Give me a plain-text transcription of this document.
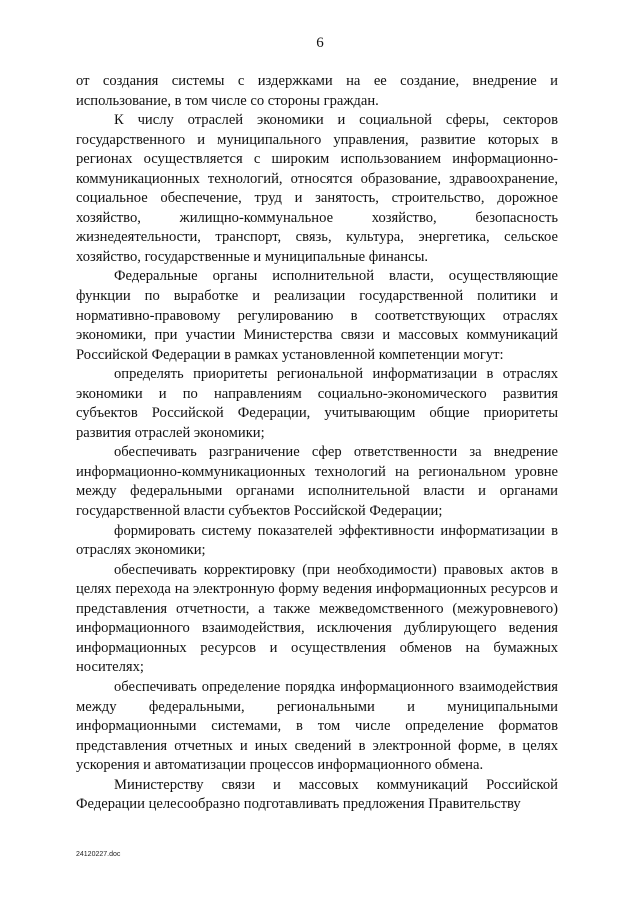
6

от создания системы с издержками на ее создание, внедрение и использование, в том числе со стороны граждан.

К числу отраслей экономики и социальной сферы, секторов государственного и муниципального управления, развитие которых в регионах осуществляется с широким использованием информационно-коммуникационных технологий, относятся образование, здравоохранение, социальное обеспечение, труд и занятость, строительство, дорожное хозяйство, жилищно-коммунальное хозяйство, безопасность жизнедеятельности, транспорт, связь, культура, энергетика, сельское хозяйство, государственные и муниципальные финансы.

Федеральные органы исполнительной власти, осуществляющие функции по выработке и реализации государственной политики и нормативно-правовому регулированию в соответствующих отраслях экономики, при участии Министерства связи и массовых коммуникаций Российской Федерации в рамках установленной компетенции могут:

определять приоритеты региональной информатизации в отраслях экономики и по направлениям социально-экономического развития субъектов Российской Федерации, учитывающим общие приоритеты развития отраслей экономики;

обеспечивать разграничение сфер ответственности за внедрение информационно-коммуникационных технологий на региональном уровне между федеральными органами исполнительной власти и органами государственной власти субъектов Российской Федерации;

формировать систему показателей эффективности информатизации в отраслях экономики;

обеспечивать корректировку (при необходимости) правовых актов в целях перехода на электронную форму ведения информационных ресурсов и представления отчетности, а также межведомственного (межуровневого) информационного взаимодействия, исключения дублирующего ведения информационных ресурсов и осуществления обменов на бумажных носителях;

обеспечивать определение порядка информационного взаимодействия между федеральными, региональными и муниципальными информационными системами, в том числе определение форматов представления отчетных и иных сведений в электронной форме, в целях ускорения и автоматизации процессов информационного обмена.

Министерству связи и массовых коммуникаций Российской Федерации целесообразно подготавливать предложения Правительству

24120227.doc
